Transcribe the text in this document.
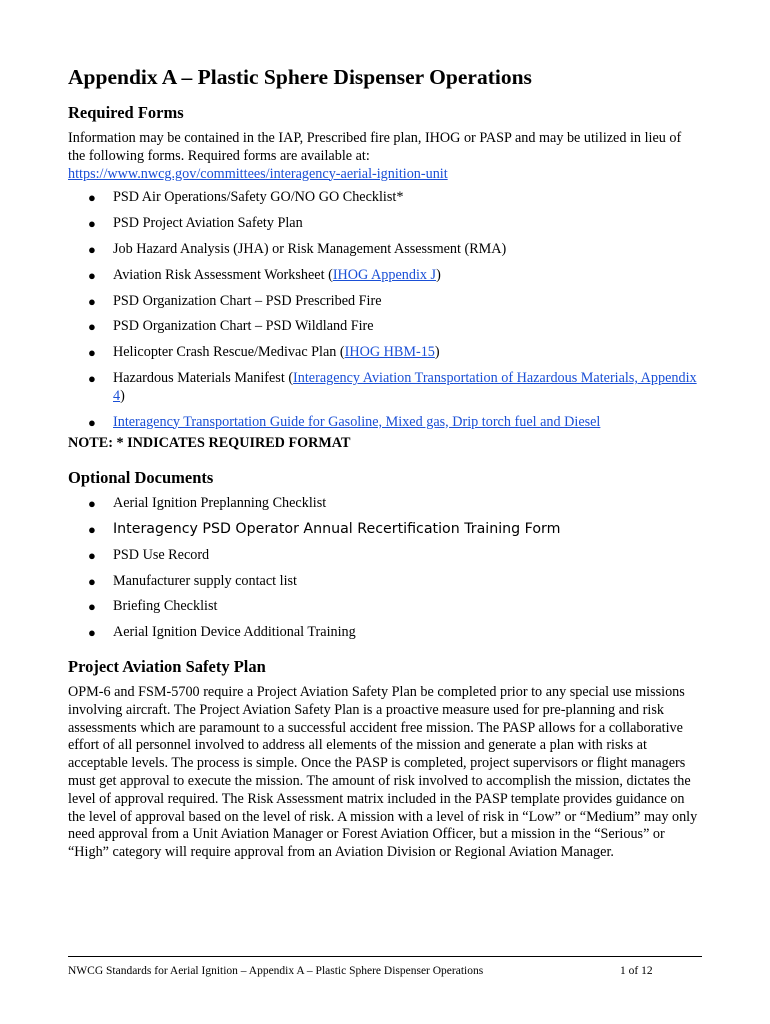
Appendix A – Plastic Sphere Dispenser Operations
Required Forms

Information may be contained in the IAP, Prescribed fire plan, IHOG or PASP and may be utilized in lieu of the following forms. Required forms are available at:
https://www.nwcg.gov/committees/interagency-aerial-ignition-unit

● PSD Air Operations/Safety GO/NO GO Checklist*
● PSD Project Aviation Safety Plan
● Job Hazard Analysis (JHA) or Risk Management Assessment (RMA)
● Aviation Risk Assessment Worksheet (IHOG Appendix J)
● PSD Organization Chart – PSD Prescribed Fire
● PSD Organization Chart – PSD Wildland Fire
● Helicopter Crash Rescue/Medivac Plan (IHOG HBM-15)
● Hazardous Materials Manifest (Interagency Aviation Transportation of Hazardous Materials, Appendix 4)
● Interagency Transportation Guide for Gasoline, Mixed gas, Drip torch fuel and Diesel

NOTE: * INDICATES REQUIRED FORMAT

Optional Documents
● Aerial Ignition Preplanning Checklist
● Interagency PSD Operator Annual Recertification Training Form
● PSD Use Record
● Manufacturer supply contact list
● Briefing Checklist
● Aerial Ignition Device Additional Training
Project Aviation Safety Plan

OPM-6 and FSM-5700 require a Project Aviation Safety Plan be completed prior to any special use missions involving aircraft. The Project Aviation Safety Plan is a proactive measure used for pre-planning and risk assessments which are paramount to a successful accident free mission. The PASP allows for a collaborative effort of all personnel involved to address all elements of the mission and generate a plan with risks at acceptable levels. The process is simple. Once the PASP is completed, project supervisors or flight managers must get approval to execute the mission. The amount of risk involved to accomplish the mission, dictates the level of approval required. The Risk Assessment matrix included in the PASP template provides guidance on the level of approval based on the level of risk. A mission with a level of risk in “Low” or “Medium” may only need approval from a Unit Aviation Manager or Forest Aviation Officer, but a mission in the “Serious” or “High” category will require approval from an Aviation Division or Regional Aviation Manager.

NWCG Standards for Aerial Ignition – Appendix A – Plastic Sphere Dispenser Operations	1 of 12
